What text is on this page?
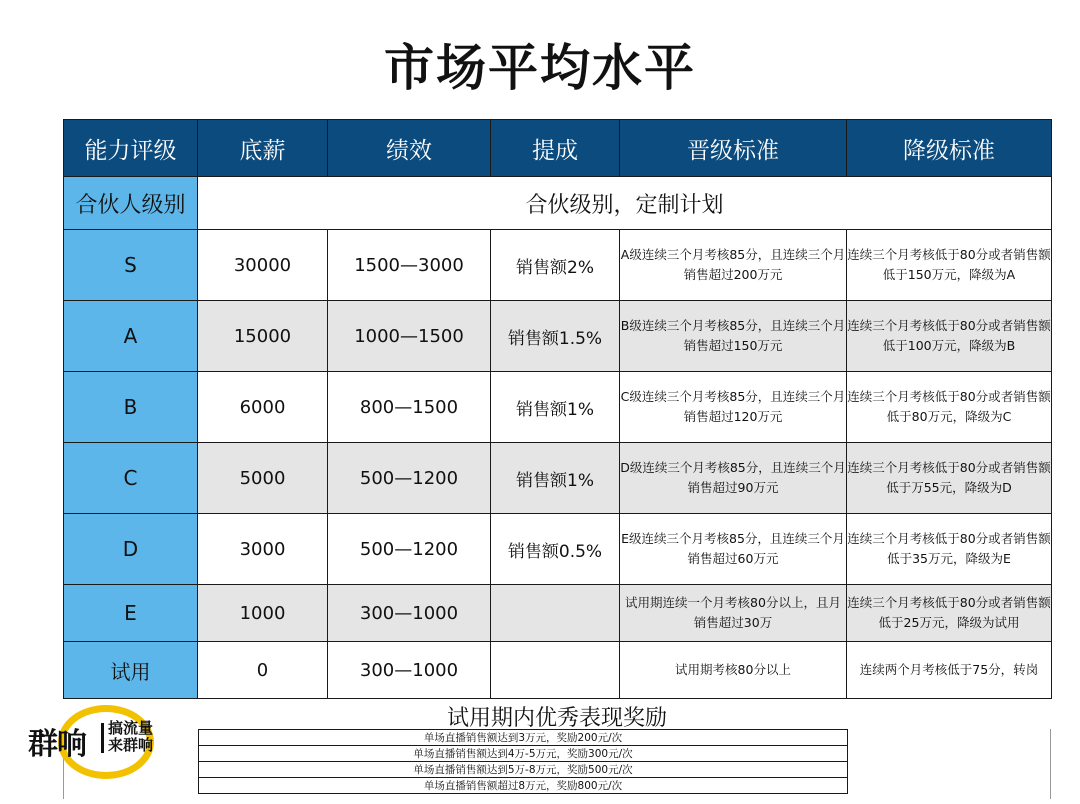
市场平均水平
能力评级	底薪	绩效	提成	晋级标准	降级标准
合伙人级别	合伙级别，定制计划				
S	30000	1500—3000	销售额2%	A级连续三个月考核85分，且连续三个月销售超过200万元	连续三个月考核低于80分或者销售额低于150万元，降级为A
A	15000	1000—1500	销售额1.5%	B级连续三个月考核85分，且连续三个月销售超过150万元	连续三个月考核低于80分或者销售额低于100万元，降级为B
B	6000	800—1500	销售额1%	C级连续三个月考核85分，且连续三个月销售超过120万元	连续三个月考核低于80分或者销售额低于80万元，降级为C
C	5000	500—1200	销售额1%	D级连续三个月考核85分，且连续三个月销售超过90万元	连续三个月考核低于80分或者销售额低于万55元，降级为D
D	3000	500—1200	销售额0.5%	E级连续三个月考核85分，且连续三个月销售超过60万元	连续三个月考核低于80分或者销售额低于35万元，降级为E
E	1000	300—1000		试用期连续一个月考核80分以上，且月销售超过30万	连续三个月考核低于80分或者销售额低于25万元，降级为试用
试用	0	300—1000		试用期考核80分以上	连续两个月考核低于75分，转岗
试用期内优秀表现奖励
单场直播销售额达到3万元，奖励200元/次
单场直播销售额达到4万-5万元，奖励300元/次
单场直播销售额达到5万-8万元，奖励500元/次
单场直播销售额超过8万元，奖励800元/次
群响 搞流量
来群响
